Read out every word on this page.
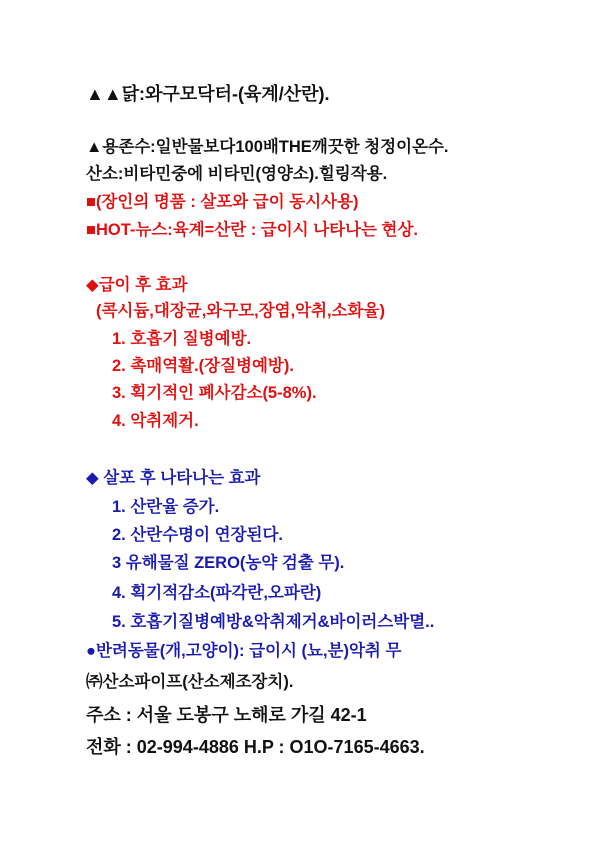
▲▲닭:와구모닥터-(육계/산란).
▲용존수:일반물보다100배THE깨끗한 청정이온수.
산소:비타민중에 비타민(영양소).힐링작용.
■(장인의 명품 : 살포와 급이 동시사용)
■HOT-뉴스:육계=산란 : 급이시 나타나는 현상.
◆급이 후 효과
(콕시듐,대장균,와구모,장염,악취,소화율)
1. 호흡기 질병예방.
2. 촉매역활.(장질병예방).
3. 획기적인 폐사감소(5-8%).
4. 악취제거.
◆ 살포 후 나타나는 효과
1. 산란율 증가.
2. 산란수명이 연장된다.
3 유해물질 ZERO(농약 검출 무).
4. 획기적감소(파각란,오파란)
5. 호흡기질병예방&악취제거&바이러스박멸..
●반려동물(개,고양이): 급이시 (뇨,분)악취 무
㈜산소파이프(산소제조장치).
주소 : 서울 도봉구 노해로 가길 42-1
전화 : 02-994-4886 H.P : O1O-7165-4663.
